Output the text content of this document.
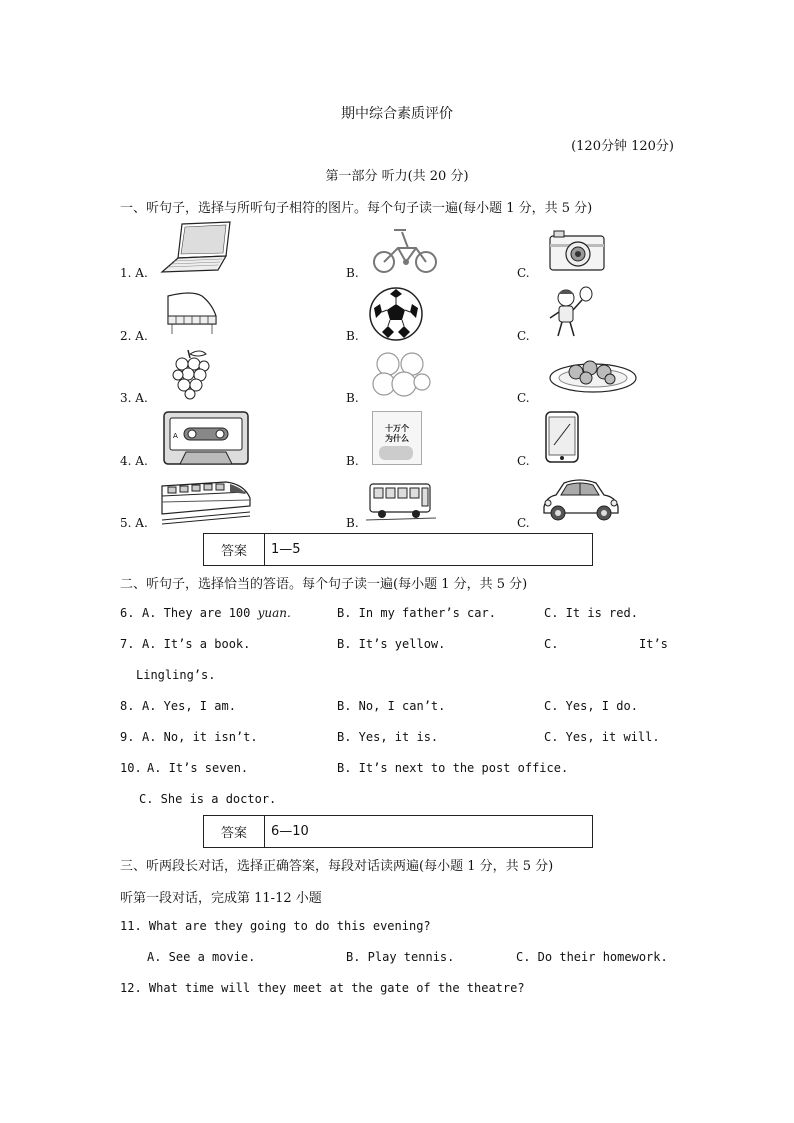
期中综合素质评价
(120分钟 120分)
第一部分 听力(共 20 分)
一、听句子，选择与所听句子相符的图片。每个句子读一遍(每小题 1 分，共 5 分)
1. A.	B.	C.
2. A.	B.	C.
3. A.	B.	C.
4. A.	B.	C.
5. A.	B.	C.
A
十万个
为什么
答案	1—5
二、听句子，选择恰当的答语。每个句子读一遍(每小题 1 分，共 5 分)
6. A. They are 100 yuan.	B. In my father’s car.	C. It is red.
7. A. It’s a book.	B. It’s yellow.	C.	It’s
Lingling’s.
8. A. Yes, I am.	B. No, I can’t.	C. Yes, I do.
9. A. No, it isn’t.	B. Yes, it is.	C. Yes, it will.
10. A. It’s seven.	B. It’s next to the post office.
C. She is a doctor.
答案	6—10
三、听两段长对话，选择正确答案，每段对话读两遍(每小题 1 分，共 5 分)
听第一段对话，完成第 11-12 小题
11. What are they going to do this evening?
A. See a movie.	B. Play tennis.	C. Do their homework.
12. What time will they meet at the gate of the theatre?
